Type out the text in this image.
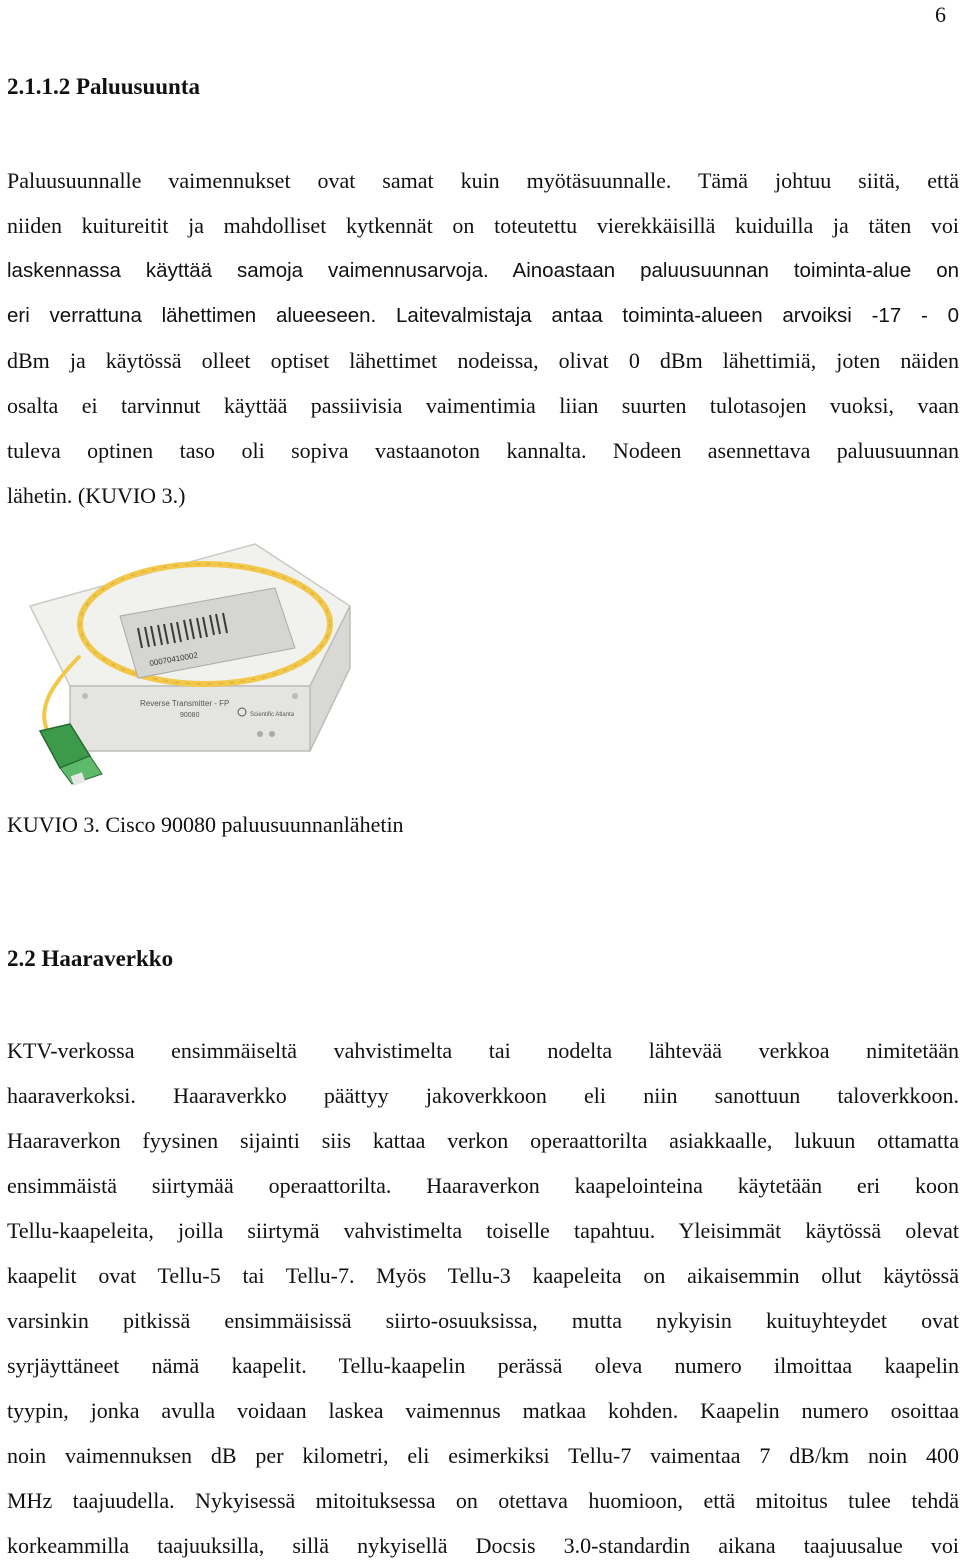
6
2.1.1.2 Paluusuunta

Paluusuunnalle vaimennukset ovat samat kuin myötäsuunnalle. Tämä johtuu siitä, että
niiden kuitureitit ja mahdolliset kytkennät on toteutettu vierekkäisillä kuiduilla ja täten voi
laskennassa käyttää samoja vaimennusarvoja. Ainoastaan paluusuunnan toiminta-alue on
eri verrattuna lähettimen alueeseen. Laitevalmistaja antaa toiminta-alueen arvoiksi -17 - 0
dBm ja käytössä olleet optiset lähettimet nodeissa, olivat 0 dBm lähettimiä, joten näiden
osalta ei tarvinnut käyttää passiivisia vaimentimia liian suurten tulotasojen vuoksi, vaan
tuleva optinen taso oli sopiva vastaanoton kannalta. Nodeen asennettava paluusuunnan
lähetin. (KUVIO 3.)

00070410002
Reverse Transmitter - FP
90080	Scientific Atlanta

KUVIO 3. Cisco 90080 paluusuunnanlähetin

2.2 Haaraverkko

KTV-verkossa ensimmäiseltä vahvistimelta tai nodelta lähtevää verkkoa nimitetään
haaraverkoksi. Haaraverkko päättyy jakoverkkoon eli niin sanottuun taloverkkoon.
Haaraverkon fyysinen sijainti siis kattaa verkon operaattorilta asiakkaalle, lukuun ottamatta
ensimmäistä siirtymää operaattorilta. Haaraverkon kaapelointeina käytetään eri koon
Tellu-kaapeleita, joilla siirtymä vahvistimelta toiselle tapahtuu. Yleisimmät käytössä olevat
kaapelit ovat Tellu-5 tai Tellu-7. Myös Tellu-3 kaapeleita on aikaisemmin ollut käytössä
varsinkin pitkissä ensimmäisissä siirto-osuuksissa, mutta nykyisin kuituyhteydet ovat
syrjäyttäneet nämä kaapelit. Tellu-kaapelin perässä oleva numero ilmoittaa kaapelin
tyypin, jonka avulla voidaan laskea vaimennus matkaa kohden. Kaapelin numero osoittaa
noin vaimennuksen dB per kilometri, eli esimerkiksi Tellu-7 vaimentaa 7 dB/km noin 400
MHz taajuudella. Nykyisessä mitoituksessa on otettava huomioon, että mitoitus tulee tehdä
korkeammilla taajuuksilla, sillä nykyisellä Docsis 3.0-standardin aikana taajuusalue voi
